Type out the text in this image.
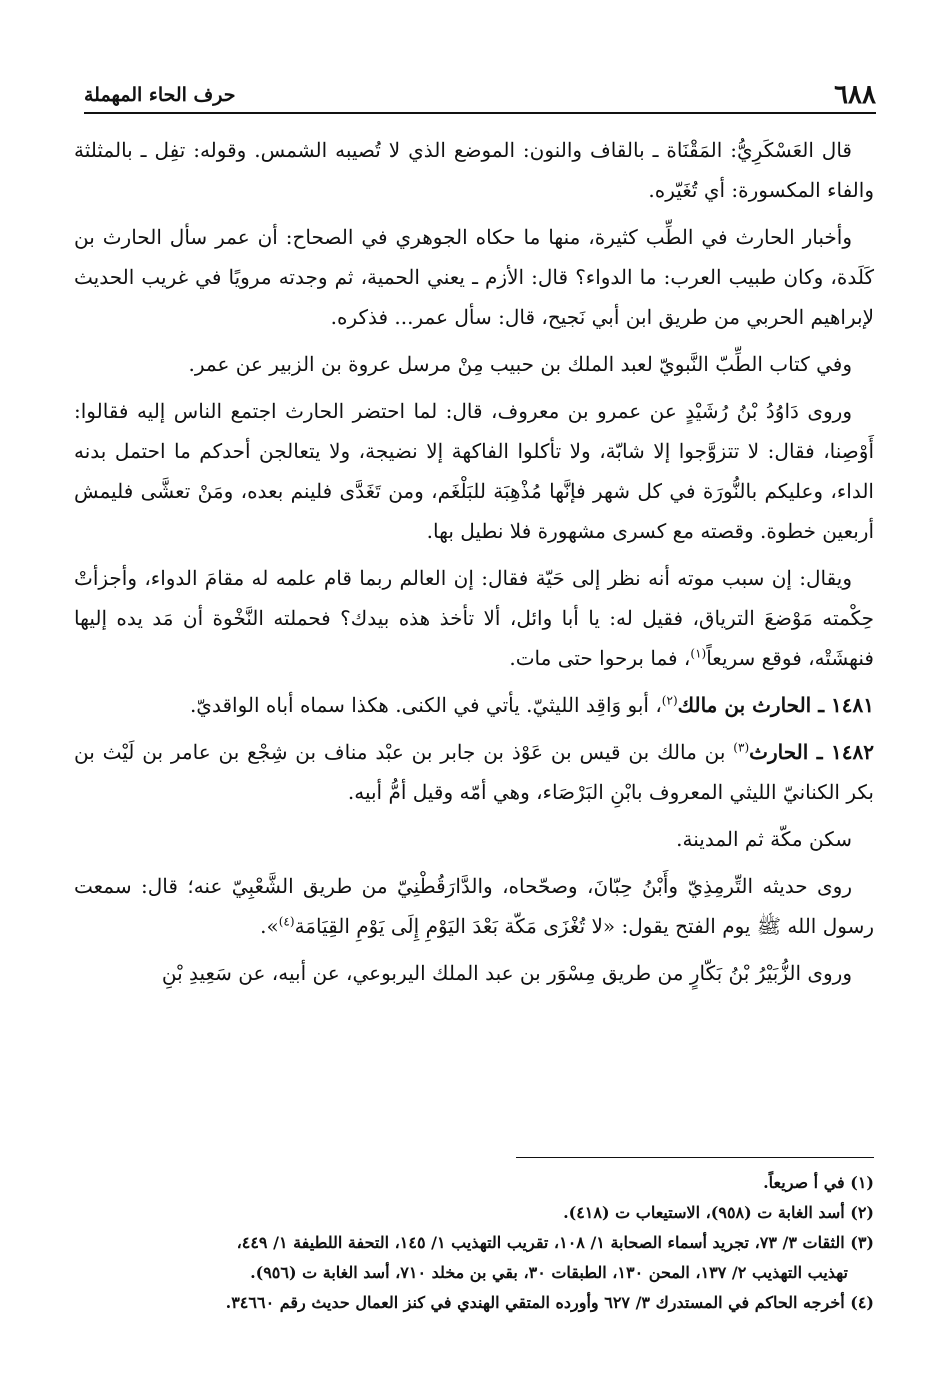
٦٨٨
حرف الحاء المهملة

قال العَسْكَرِيُّ: المَقْنَاة ـ بالقاف والنون: الموضع الذي لا تُصيبه الشمس. وقوله: تفِل ـ بالمثلثة والفاء المكسورة: أي تُغَيّره.

وأخبار الحارث في الطِّب كثيرة، منها ما حكاه الجوهري في الصحاح: أن عمر سأل الحارث بن كَلَدة، وكان طبيب العرب: ما الدواء؟ قال: الأزم ـ يعني الحمية، ثم وجدته مرويًا في غريب الحديث لإبراهيم الحربي من طريق ابن أبي نَجيح، قال: سأل عمر... فذكره.

وفي كتاب الطِّبّ النَّبويّ لعبد الملك بن حبيب مِنْ مرسل عروة بن الزبير عن عمر.

وروى دَاوُدُ بْنُ رُشَيْدٍ عن عمرو بن معروف، قال: لما احتضر الحارث اجتمع الناس إليه فقالوا: أَوْصِنا، فقال: لا تتزوَّجوا إلا شابّة، ولا تأكلوا الفاكهة إلا نضيجة، ولا يتعالجن أحدكم ما احتمل بدنه الداء، وعليكم بالنُّورَة في كل شهر فإنَّها مُذْهِبَة للبَلْغَم، ومن تَغَدَّى فلينم بعده، ومَنْ تعشَّى فليمش أربعين خطوة. وقصته مع كسرى مشهورة فلا نطيل بها.

ويقال: إن سبب موته أنه نظر إلى حَيّة فقال: إن العالم ربما قام علمه له مقامَ الدواء، وأجزأتْ حِكْمته مَوْضعَ الترياق، فقيل له: يا أبا وائل، ألا تأخذ هذه بيدك؟ فحملته النَّخْوة أن مَد يده إليها فنهشَتْه، فوقع سريعاً$^{(١)}$، فما برحوا حتى مات.

١٤٨١ ـ الحارث بن مالك$^{(٢)}$، أبو وَاقِد الليثيّ. يأتي في الكنى. هكذا سماه أباه الواقديّ.

١٤٨٢ ـ الحارث$^{(٣)}$ بن مالك بن قيس بن عَوْذ بن جابر بن عبْد مناف بن شِجْع بن عامر بن لَيْث بن بكر الكنانيّ الليثي المعروف بابْنِ البَرْصَاء، وهي أمّه وقيل أمُّ أبيه.

سكن مكّة ثم المدينة.

روى حديثه التِّرمِذِيّ وأَبْنُ حِبّانَ، وصحّحاه، والدَّارَقُطْنِيّ من طريق الشَّعْبِيّ عنه؛ قال: سمعت رسول الله ﷺ يوم الفتح يقول: «لا تُغْزَى مَكّة بَعْدَ اليَوْمِ إِلَى يَوْمِ القِيَامَة$^{(٤)}$».

وروى الزُّبَيْرُ بْنُ بَكّارٍ من طريق مِسْوَر بن عبد الملك اليربوعي، عن أبيه، عن سَعِيدِ بْنِ

(١) في أ صريعاً.

(٢) أسد الغابة ت (٩٥٨)، الاستيعاب ت (٤١٨).

(٣) الثقات ٣/ ٧٣، تجريد أسماء الصحابة ١/ ١٠٨، تقريب التهذيب ١/ ١٤٥، التحفة اللطيفة ١/ ٤٤٩،

تهذيب التهذيب ٢/ ١٣٧، المحن ١٣٠، الطبقات ٣٠، بقي بن مخلد ٧١٠، أسد الغابة ت (٩٥٦).

(٤) أخرجه الحاكم في المستدرك ٣/ ٦٢٧ وأورده المتقي الهندي في كنز العمال حديث رقم ٣٤٦٦٠.
